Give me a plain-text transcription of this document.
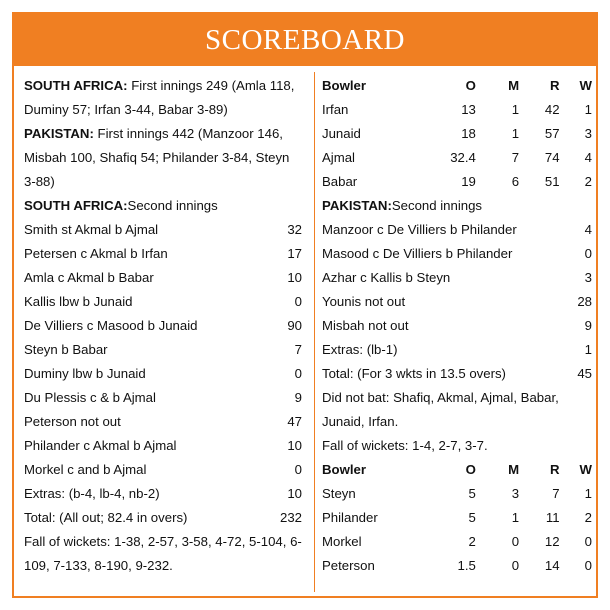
SCOREBOARD
SOUTH AFRICA: First innings 249 (Amla 118, Duminy 57; Irfan 3-44, Babar 3-89)
PAKISTAN: First innings 442 (Manzoor 146, Misbah 100, Shafiq 54; Philander 3-84, Steyn 3-88)
SOUTH AFRICA:Second innings
Smith st Akmal b Ajmal	32
Petersen c Akmal b Irfan	17
Amla c Akmal b Babar	10
Kallis lbw b Junaid	0
De Villiers c Masood b Junaid	90
Steyn b Babar	7
Duminy lbw b Junaid	0
Du Plessis c & b Ajmal	9
Peterson not out	47
Philander c Akmal b Ajmal	10
Morkel c and b Ajmal	0
Extras: (b-4, lb-4, nb-2)	10
Total: (All out; 82.4 in overs)	232
Fall of wickets: 1-38, 2-57, 3-58, 4-72, 5-104, 6-109, 7-133, 8-190, 9-232.
Bowler	O	M	R	W
Irfan	13	1	42	1
Junaid	18	1	57	3
Ajmal	32.4	7	74	4
Babar	19	6	51	2
PAKISTAN:Second innings
Manzoor c De Villiers b Philander	4
Masood c De Villiers b Philander	0
Azhar c Kallis b Steyn	3
Younis not out	28
Misbah not out	9
Extras: (lb-1)	1
Total: (For 3 wkts in 13.5 overs)	45
Did not bat: Shafiq, Akmal, Ajmal, Babar, Junaid, Irfan.
Fall of wickets: 1-4, 2-7, 3-7.
Bowler	O	M	R	W
Steyn	5	3	7	1
Philander	5	1	11	2
Morkel	2	0	12	0
Peterson	1.5	0	14	0
